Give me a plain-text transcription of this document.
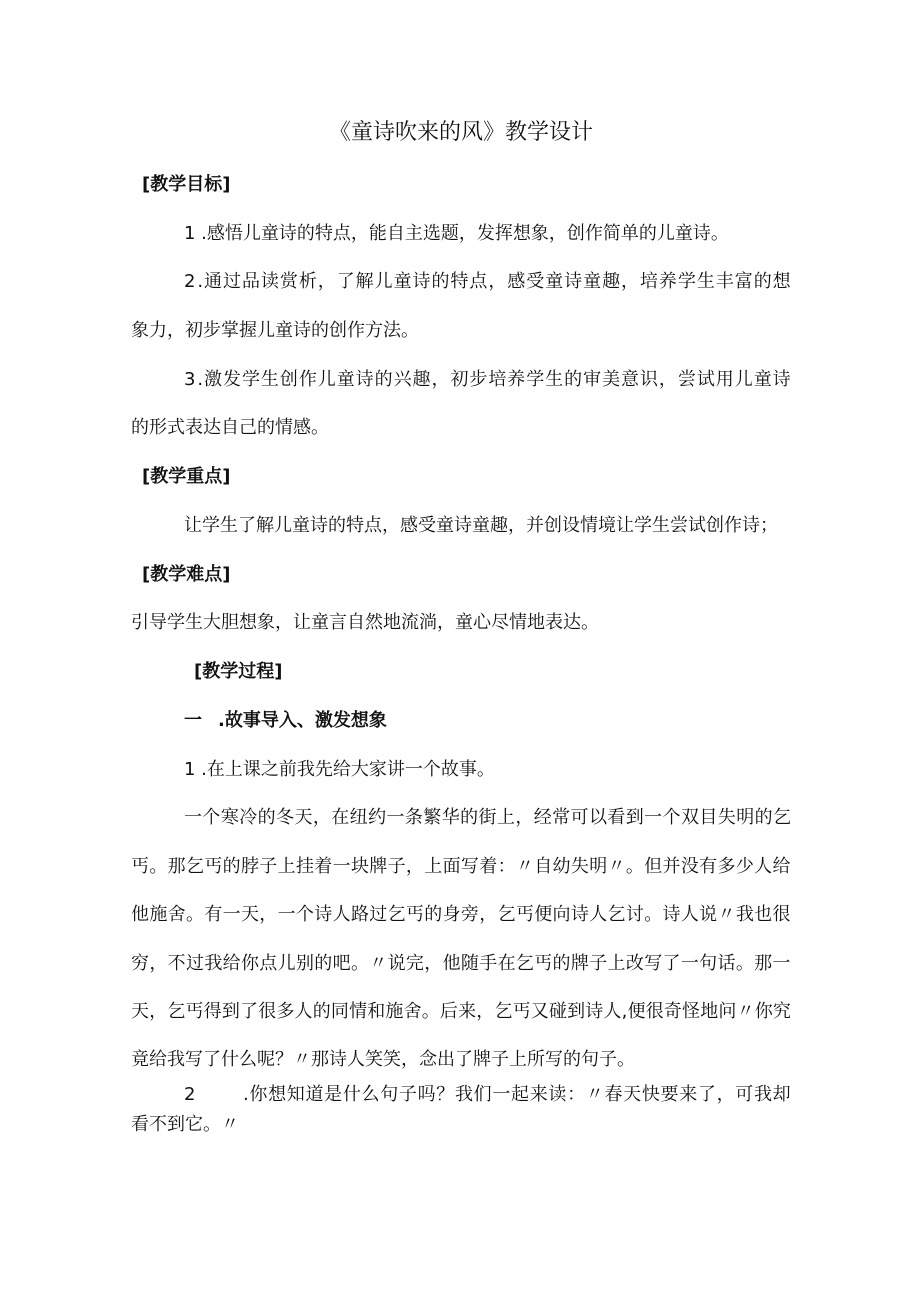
《童诗吹来的风》教学设计
[教学目标]
1 .感悟儿童诗的特点，能自主选题，发挥想象，创作简单的儿童诗。
2 . 通 过 品 读 赏 析 ， 了 解 儿 童 诗 的 特 点 ， 感 受 童 诗 童 趣 ， 培 养 学 生 丰 富 的 想
象力，初步掌握儿童诗的创作方法。
3 . 激 发 学 生 创 作 儿 童 诗 的 兴 趣 ， 初 步 培 养 学 生 的 审 美 意 识 ， 尝 试 用 儿 童 诗
的形式表达自己的情感。
[教学重点]
让学生了解儿童诗的特点，感受童诗童趣，并创设情境让学生尝试创作诗；
[教学难点]
引导学生大胆想象，让童言自然地流淌，童心尽情地表达。
[教学过程]
一 .故事导入、激发想象
1 .在上课之前我先给大家讲一个故事。
一 个 寒 冷 的 冬 天 ， 在 纽 约 一 条 繁 华 的 街 上 ， 经 常 可 以 看 到 一 个 双 目 失 明 的 乞
丐 。 那 乞 丐 的 脖 子 上 挂 着 一 块 牌 子 ， 上 面 写 着 ： 〃 自 幼 失 明 〃 。 但 并 没 有 多 少 人 给
他 施 舍 。 有 一 天 ， 一 个 诗 人 路 过 乞 丐 的 身 旁 ， 乞 丐 便 向 诗 人 乞 讨 。 诗 人 说 〃 我 也 很
穷 ， 不 过 我 给 你 点 儿 别 的 吧 。 〃 说 完 ， 他 随 手 在 乞 丐 的 牌 子 上 改 写 了 一 句 话 。 那 一
天 ， 乞 丐 得 到 了 很 多 人 的 同 情 和 施 舍 。 后 来 ， 乞 丐 又 碰 到 诗 人 , 便 很 奇 怪 地 问 〃 你 究
竟给我写了什么呢？〃那诗人笑笑，念出了牌子上所写的句子。
2	. 你 想 知 道 是 什 么 句 子 吗 ？ 我 们 一 起 来 读 ： 〃 春 天 快 要 来 了 ， 可 我 却
看不到它。〃
